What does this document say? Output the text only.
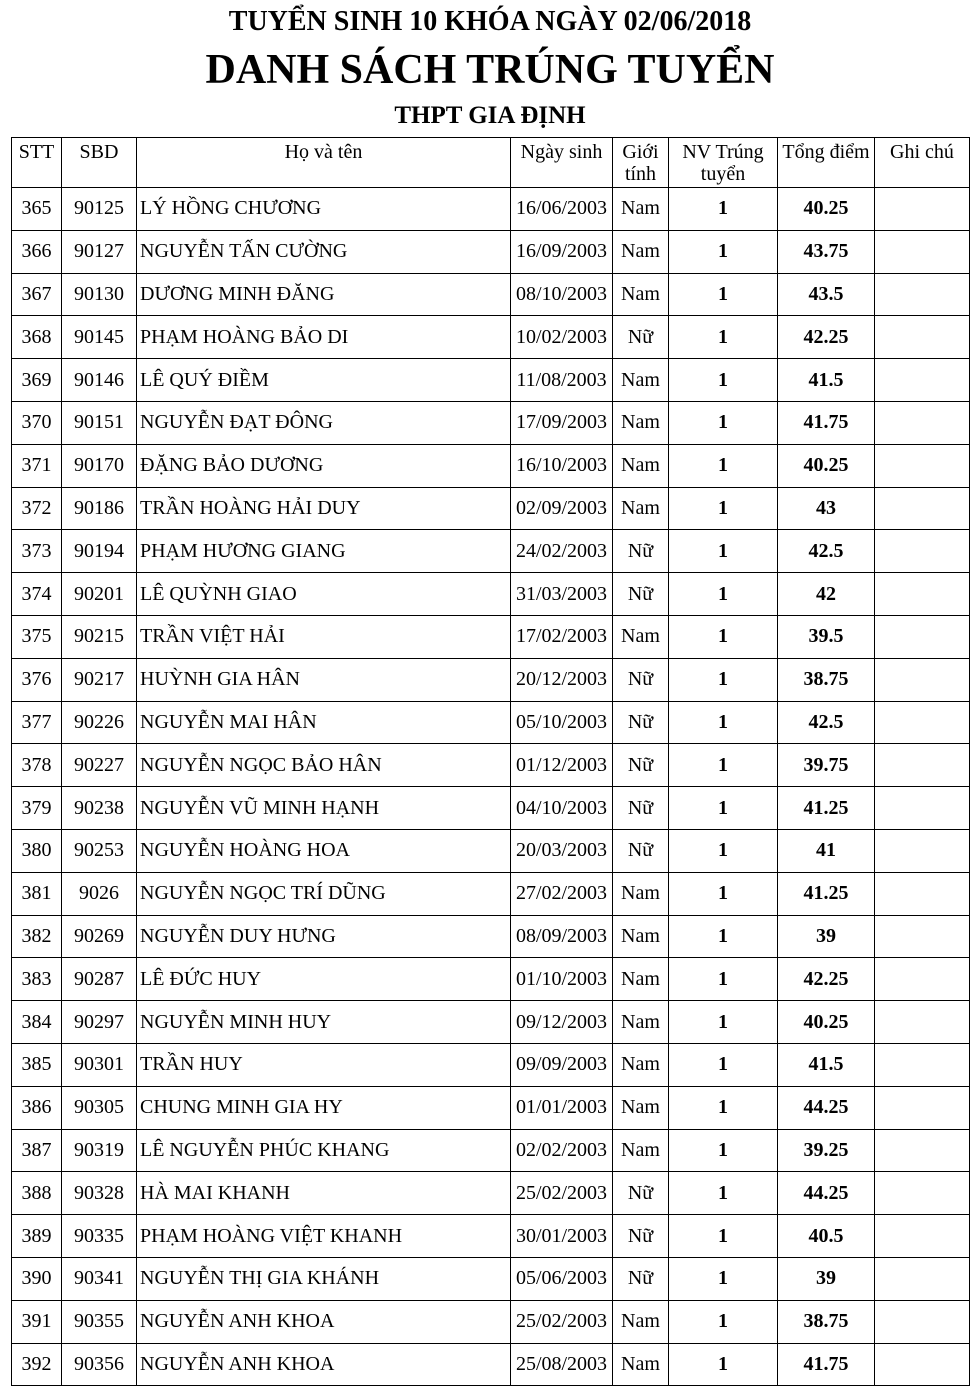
TUYỂN SINH 10 KHÓA NGÀY 02/06/2018
DANH SÁCH TRÚNG TUYỂN
THPT GIA ĐỊNH
STT	SBD	Họ và tên	Ngày sinh	Giới tính	NV Trúng tuyển	Tổng điểm	Ghi chú
365	90125	LÝ HỒNG CHƯƠNG	16/06/2003	Nam	1	40.25	
366	90127	NGUYỄN TẤN CƯỜNG	16/09/2003	Nam	1	43.75	
367	90130	DƯƠNG MINH ĐĂNG	08/10/2003	Nam	1	43.5	
368	90145	PHẠM HOÀNG BẢO DI	10/02/2003	Nữ	1	42.25	
369	90146	LÊ QUÝ ĐIỀM	11/08/2003	Nam	1	41.5	
370	90151	NGUYỄN ĐẠT ĐÔNG	17/09/2003	Nam	1	41.75	
371	90170	ĐẶNG BẢO DƯƠNG	16/10/2003	Nam	1	40.25	
372	90186	TRẦN HOÀNG HẢI DUY	02/09/2003	Nam	1	43	
373	90194	PHẠM HƯƠNG GIANG	24/02/2003	Nữ	1	42.5	
374	90201	LÊ QUỲNH GIAO	31/03/2003	Nữ	1	42	
375	90215	TRẦN VIỆT HẢI	17/02/2003	Nam	1	39.5	
376	90217	HUỲNH GIA HÂN	20/12/2003	Nữ	1	38.75	
377	90226	NGUYỄN MAI HÂN	05/10/2003	Nữ	1	42.5	
378	90227	NGUYỄN NGỌC BẢO HÂN	01/12/2003	Nữ	1	39.75	
379	90238	NGUYỄN VŨ MINH HẠNH	04/10/2003	Nữ	1	41.25	
380	90253	NGUYỄN HOÀNG HOA	20/03/2003	Nữ	1	41	
381	9026	NGUYỄN NGỌC TRÍ DŨNG	27/02/2003	Nam	1	41.25	
382	90269	NGUYỄN DUY HƯNG	08/09/2003	Nam	1	39	
383	90287	LÊ ĐỨC HUY	01/10/2003	Nam	1	42.25	
384	90297	NGUYỄN MINH HUY	09/12/2003	Nam	1	40.25	
385	90301	TRẦN HUY	09/09/2003	Nam	1	41.5	
386	90305	CHUNG MINH GIA HY	01/01/2003	Nam	1	44.25	
387	90319	LÊ NGUYỄN PHÚC KHANG	02/02/2003	Nam	1	39.25	
388	90328	HÀ MAI KHANH	25/02/2003	Nữ	1	44.25	
389	90335	PHẠM HOÀNG VIỆT KHANH	30/01/2003	Nữ	1	40.5	
390	90341	NGUYỄN THỊ GIA KHÁNH	05/06/2003	Nữ	1	39	
391	90355	NGUYỄN ANH KHOA	25/02/2003	Nam	1	38.75	
392	90356	NGUYỄN ANH KHOA	25/08/2003	Nam	1	41.75	
